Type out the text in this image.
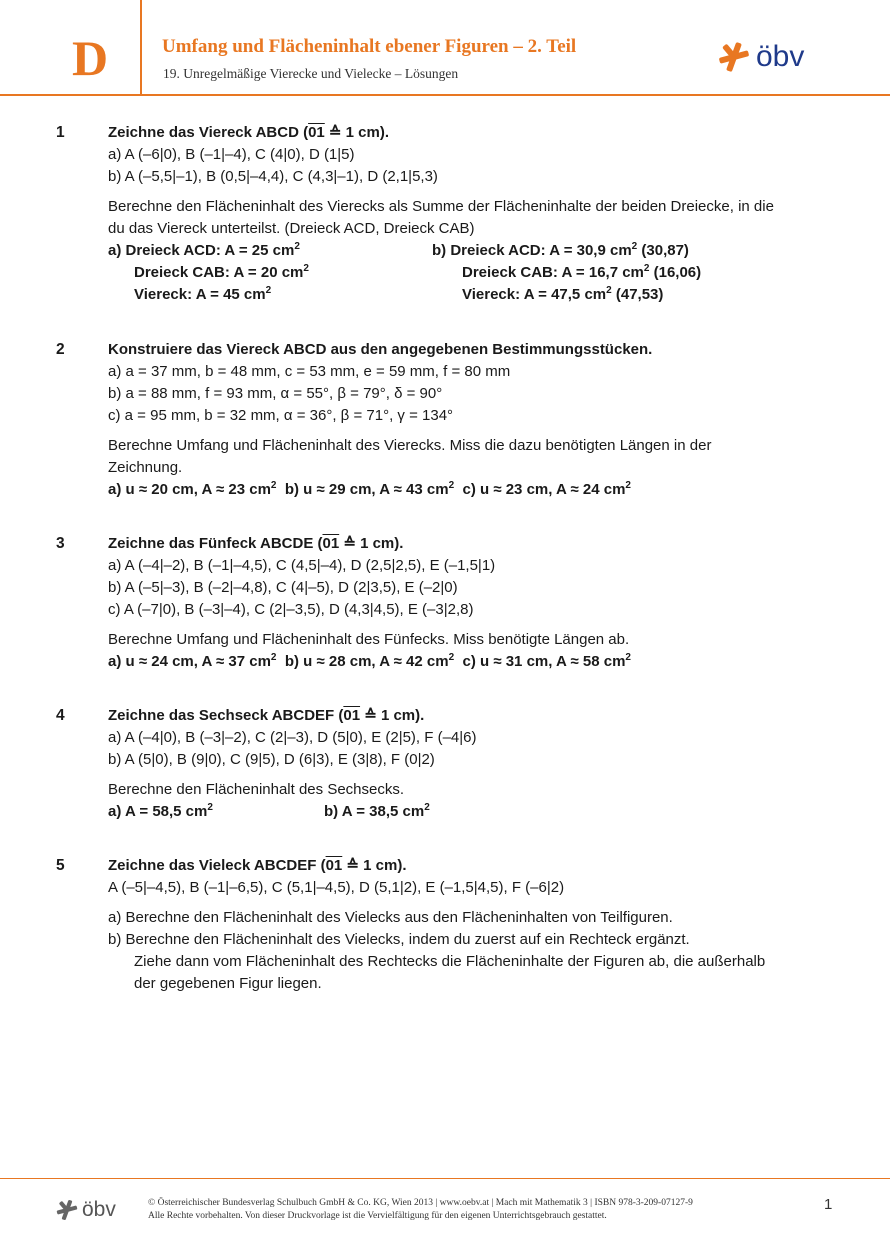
D	Umfang und Flächeninhalt ebener Figuren – 2. Teil
19. Unregelmäßige Vierecke und Vielecke – Lösungen
öbv
1	Zeichne das Viereck ABCD (01 ≙ 1 cm).
a) A (–6|0), B (–1|–4), C (4|0), D (1|5)
b) A (–5,5|–1), B (0,5|–4,4), C (4,3|–1), D (2,1|5,3)
Berechne den Flächeninhalt des Vierecks als Summe der Flächeninhalte der beiden Dreiecke, in die
du das Viereck unterteilst. (Dreieck ACD, Dreieck CAB)
a) Dreieck ACD: A = 25 $cm^2$
Dreieck CAB: A = 20 $cm^2$
Viereck: A = 45 $cm^2$
b) Dreieck ACD: A = 30,9 $cm^2$ (30,87)
Dreieck CAB: A = 16,7 $cm^2$ (16,06)
Viereck: A = 47,5 $cm^2$ (47,53)
2	Konstruiere das Viereck ABCD aus den angegebenen Bestimmungsstücken.
a) a = 37 mm, b = 48 mm, c = 53 mm, e = 59 mm, f = 80 mm
b) a = 88 mm, f = 93 mm, α = 55°, β = 79°, δ = 90°
c) a = 95 mm, b = 32 mm, α = 36°, β = 71°, γ = 134°
Berechne Umfang und Flächeninhalt des Vierecks. Miss die dazu benötigten Längen in der
Zeichnung.
a) u ≈ 20 cm, A ≈ 23 $cm^2$ b) u ≈ 29 cm, A ≈ 43 $cm^2$ c) u ≈ 23 cm, A ≈ 24 $cm^2$
3	Zeichne das Fünfeck ABCDE (01 ≙ 1 cm).
a) A (–4|–2), B (–1|–4,5), C (4,5|–4), D (2,5|2,5), E (–1,5|1)
b) A (–5|–3), B (–2|–4,8), C (4|–5), D (2|3,5), E (–2|0)
c) A (–7|0), B (–3|–4), C (2|–3,5), D (4,3|4,5), E (–3|2,8)
Berechne Umfang und Flächeninhalt des Fünfecks. Miss benötigte Längen ab.
a) u ≈ 24 cm, A ≈ 37 $cm^2$ b) u ≈ 28 cm, A ≈ 42 $cm^2$ c) u ≈ 31 cm, A ≈ 58 $cm^2$
4	Zeichne das Sechseck ABCDEF (01 ≙ 1 cm).
a) A (–4|0), B (–3|–2), C (2|–3), D (5|0), E (2|5), F (–4|6)
b) A (5|0), B (9|0), C (9|5), D (6|3), E (3|8), F (0|2)
Berechne den Flächeninhalt des Sechsecks.
a) A = 58,5 $cm^2$	b) A = 38,5 $cm^2$
5	Zeichne das Vieleck ABCDEF (01 ≙ 1 cm).
A (–5|–4,5), B (–1|–6,5), C (5,1|–4,5), D (5,1|2), E (–1,5|4,5), F (–6|2)
a) Berechne den Flächeninhalt des Vielecks aus den Flächeninhalten von Teilfiguren.
b) Berechne den Flächeninhalt des Vielecks, indem du zuerst auf ein Rechteck ergänzt.
Ziehe dann vom Flächeninhalt des Rechtecks die Flächeninhalte der Figuren ab, die außerhalb
der gegebenen Figur liegen.
öbv	© Österreichischer Bundesverlag Schulbuch GmbH & Co. KG, Wien 2013 | www.oebv.at | Mach mit Mathematik 3 | ISBN 978-3-209-07127-9
Alle Rechte vorbehalten. Von dieser Druckvorlage ist die Vervielfältigung für den eigenen Unterrichtsgebrauch gestattet.
1
